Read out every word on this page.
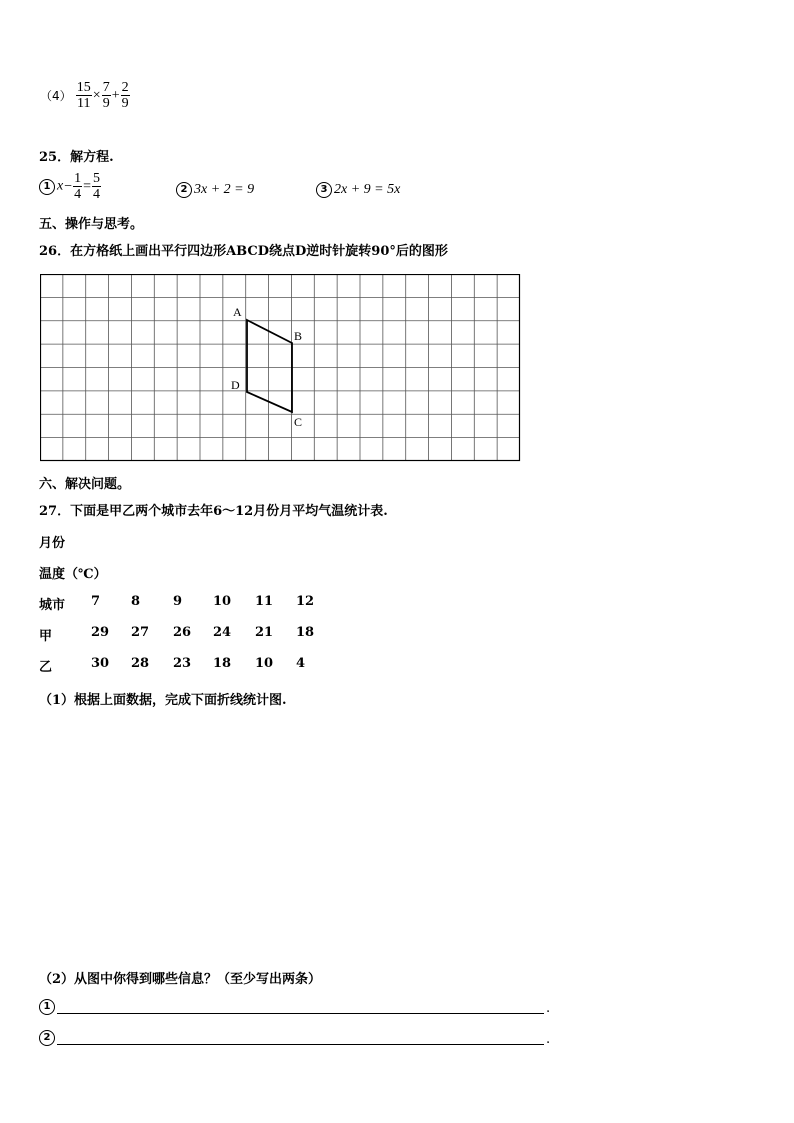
$(4) \frac{15}{11} \times \frac{7}{9} + \frac{2}{9}$
25．解方程.
1 $x- \frac{1}{4} = \frac{5}{4}$	2 3x + 2 = 9	3 2x + 9 = 5x
五、操作与思考。
26．在方格纸上画出平行四边形ABCD绕点D逆时针旋转90°后的图形
A
B
C
D
六、解决问题。
27．下面是甲乙两个城市去年6～12月份月平均气温统计表.
月份
温度（℃）
城市 7 8	9 10 11 12
甲	29 27 26 24 21 18
乙	30 28 23 18 10 4
（1）根据上面数据，完成下面折线统计图.
（2）从图中你得到哪些信息？（至少写出两条）
1	.
2	.
